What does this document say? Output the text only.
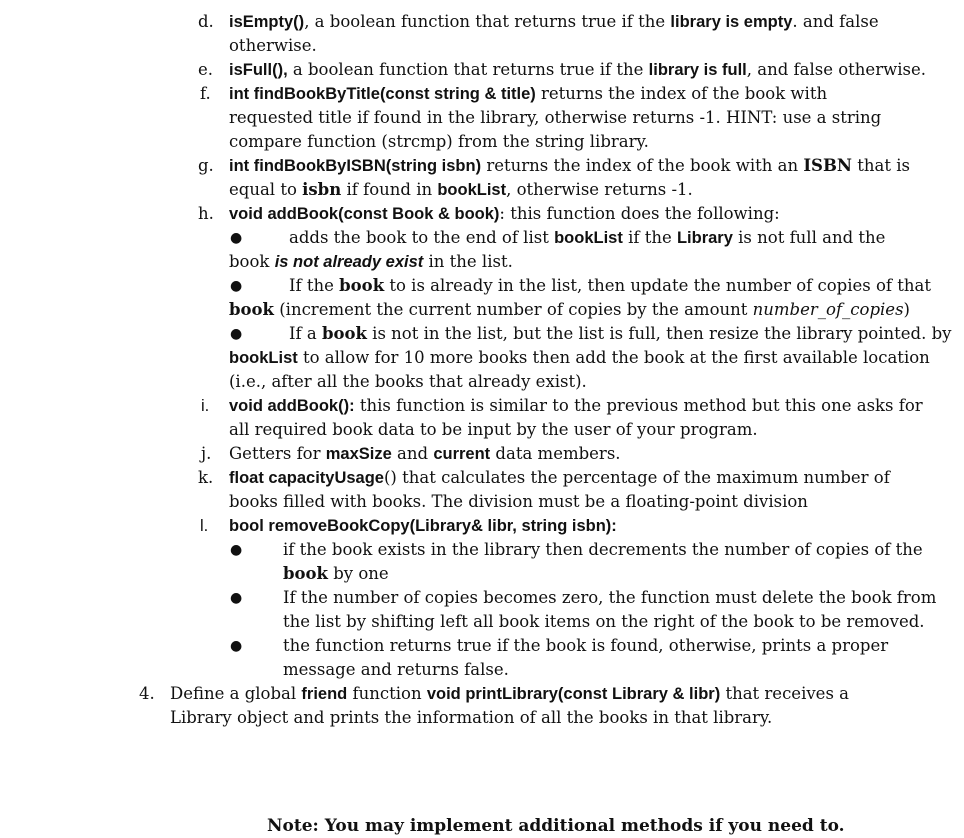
d. isEmpty(), a boolean function that returns true if the library is empty. and false
otherwise.
e. isFull(), a boolean function that returns true if the library is full, and false otherwise.
f.	int findBookByTitle(const string & title) returns the index of the book with
requested title if found in the library, otherwise returns -1. HINT: use a string
compare function (strcmp) from the string library.
g. int findBookByISBN(string isbn) returns the index of the book with an ISBN that is
equal to isbn if found in bookList, otherwise returns -1.
h. void addBook(const Book & book): this function does the following:
●	adds the book to the end of list bookList if the Library is not full and the
book is not already exist in the list.
●	If the book to is already in the list, then update the number of copies of that
book (increment the current number of copies by the amount number_of_copies)
●	If a book is not in the list, but the list is full, then resize the library pointed. by
bookList to allow for 10 more books then add the book at the first available location
(i.e., after all the books that already exist).
i.	void addBook(): this function is similar to the previous method but this one asks for
all required book data to be input by the user of your program.
j.	Getters for maxSize and current data members.
k. float capacityUsage() that calculates the percentage of the maximum number of
books filled with books. The division must be a floating-point division
l.	bool removeBookCopy(Library& libr, string isbn):
● if the book exists in the library then decrements the number of copies of the
book by one
● If the number of copies becomes zero, the function must delete the book from
the list by shifting left all book items on the right of the book to be removed.
● the function returns true if the book is found, otherwise, prints a proper
message and returns false.
4. Define a global friend function void printLibrary(const Library & libr) that receives a
Library object and prints the information of all the books in that library.
Note: You may implement additional methods if you need to.
